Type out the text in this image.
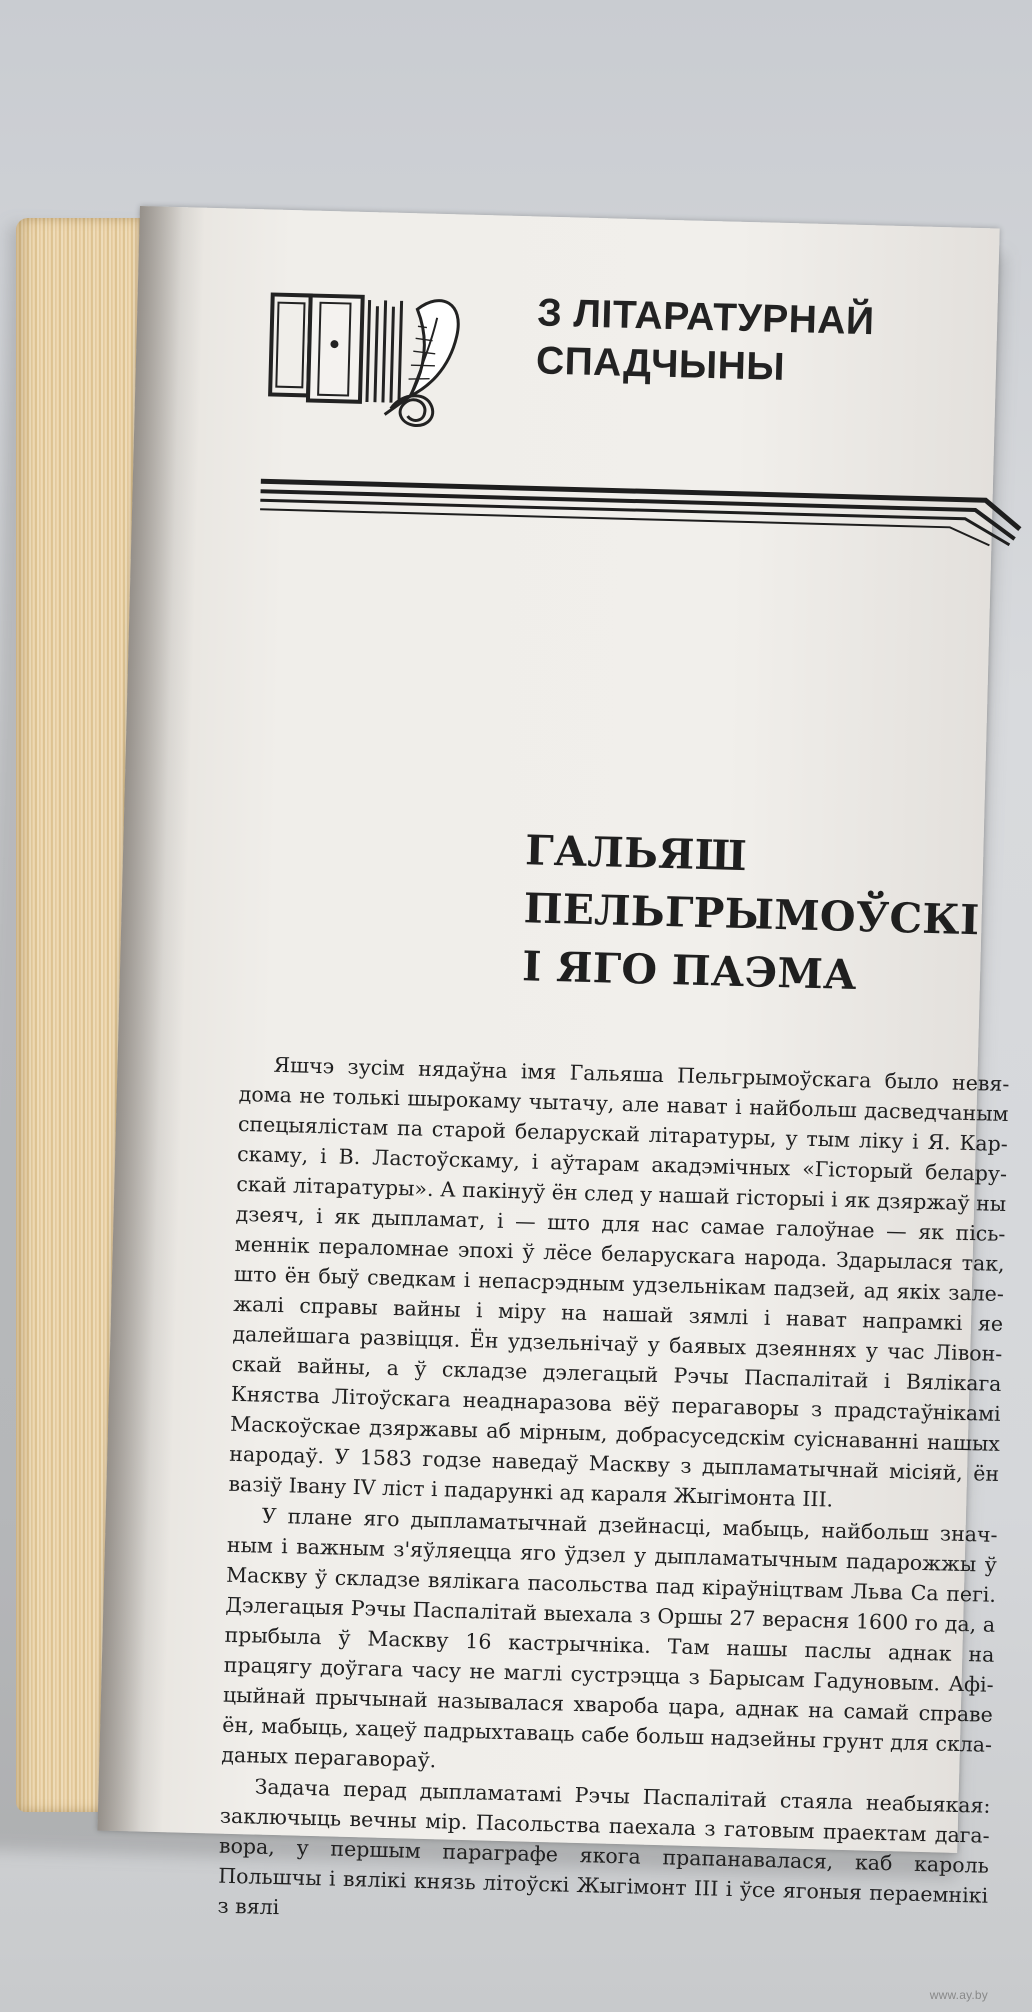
З ЛІТАРАТУРНАЙ
СПАДЧЫНЫ

ГАЛЬЯШ
ПЕЛЬГРЫМОЎСКІ
І ЯГО ПАЭМА

Яшчэ зусім нядаўна імя Гальяша Пельгрымоўскага было невя дома не толькі шырокаму чытачу, але нават і найбольш дасведчаным спецыялістам па старой беларускай літаратуры, у тым ліку і Я. Кар скаму, і В. Ластоўскаму, і аўтарам акадэмічных «Гісторый белару скай літаратуры». А пакінуў ён след у нашай гісторыі і як дзяржаў ны дзеяч, і як дыпламат, і — што для нас самае галоўнае — як пісь меннік пераломнае эпохі ў лёсе беларускага народа. Здарылася так, што ён быў сведкам і непасрэдным удзельнікам падзей, ад якіх зале жалі справы вайны і міру на нашай зямлі і нават напрамкі яе далейшага развіцця. Ён удзельнічаў у баявых дзеяннях у час Лівон скай вайны, а ў складзе дэлегацый Рэчы Паспалітай і Вялікага Княства Літоўскага неаднаразова вёў перагаворы з прадстаўнікамі Маскоўскае дзяржавы аб мірным, добрасуседскім суіснаванні нашых народаў. У 1583 годзе наведаў Маскву з дыпламатычнай місіяй, ён вазіў Івану IV ліст і падарункі ад караля Жыгімонта III.

У плане яго дыпламатычнай дзейнасці, мабыць, найбольш знач ным і важным з'яўляецца яго ўдзел у дыпламатычным падарожжы ў Маскву ў складзе вялікага пасольства пад кіраўніцтвам Льва Са пегі. Дэлегацыя Рэчы Паспалітай выехала з Оршы 27 верасня 1600 го да, а прыбыла ў Маскву 16 кастрычніка. Там нашы паслы аднак на працягу доўгага часу не маглі сустрэцца з Барысам Гадуновым. Афі цыйнай прычынай называлася хвароба цара, аднак на самай справе ён, мабыць, хацеў падрыхтаваць сабе больш надзейны грунт для скла даных перагавораў.

Задача перад дыпламатамі Рэчы Паспалітай стаяла неабыякая: заключыць вечны мір. Пасольства паехала з гатовым праектам дага вора, у першым параграфе якога прапанавалася, каб кароль Польшчы і вялікі князь літоўскі Жыгімонт III і ўсе ягоныя пераемнікі з вялі

www.ay.by
